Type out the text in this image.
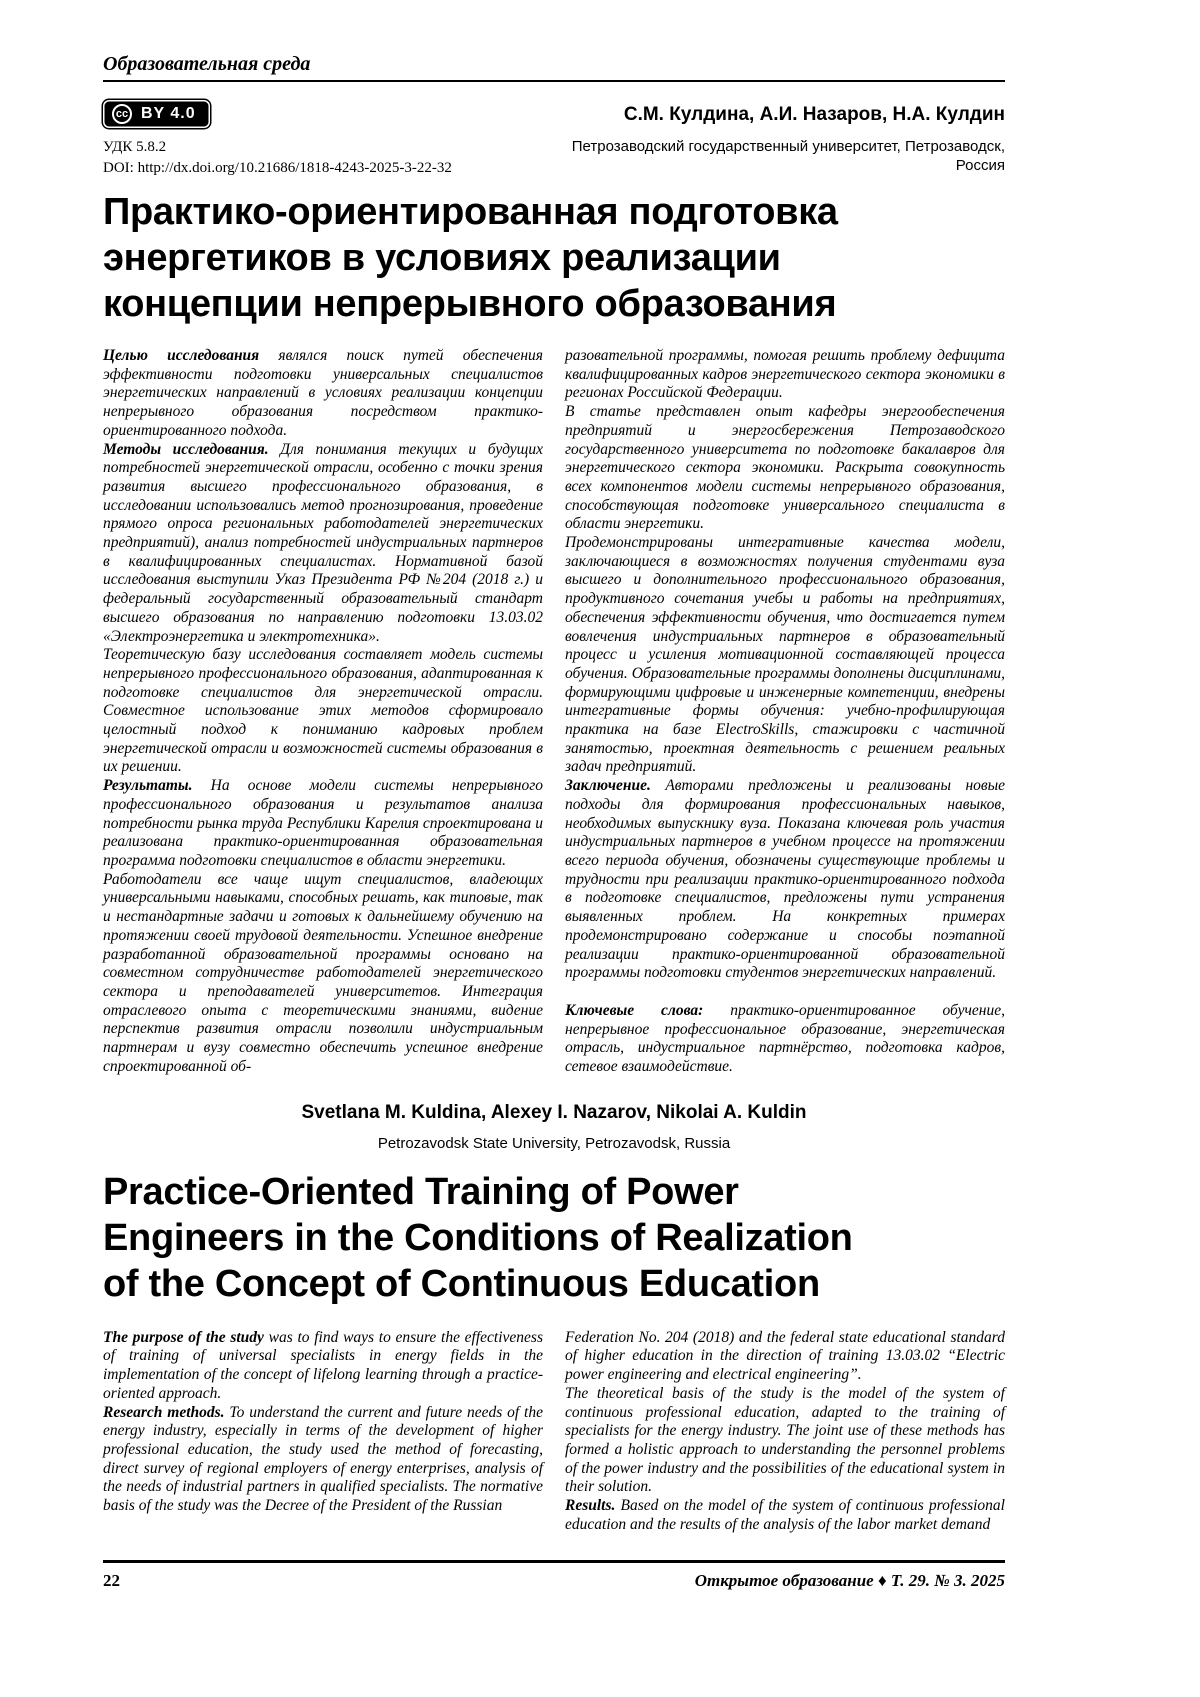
Образовательная среда
cc BY 4.0
УДК 5.8.2
DOI: http://dx.doi.org/10.21686/1818-4243-2025-3-22-32
С.М. Кулдина, А.И. Назаров, Н.А. Кулдин
Петрозаводский государственный университет, Петрозаводск, Россия
Практико-ориентированная подготовка
энергетиков в условиях реализации
концепции непрерывного образования

Целью исследования являлся поиск путей обеспечения эффективности подготовки универсальных специалистов энергетических направлений в условиях реализации концепции непрерывного образования посредством практико-ориентированного подхода.

Методы исследования. Для понимания текущих и будущих потребностей энергетической отрасли, особенно с точки зрения развития высшего профессионального образования, в исследовании использовались метод прогнозирования, проведение прямого опроса региональных работодателей энергетических предприятий), анализ потребностей индустриальных партнеров в квалифицированных специалистах. Нормативной базой исследования выступили Указ Президента РФ №204 (2018 г.) и федеральный государственный образовательный стандарт высшего образования по направлению подготовки 13.03.02 «Электроэнергетика и электротехника».

Теоретическую базу исследования составляет модель системы непрерывного профессионального образования, адаптированная к подготовке специалистов для энергетической отрасли. Совместное использование этих методов сформировало целостный подход к пониманию кадровых проблем энергетической отрасли и возможностей системы образования в их решении.

Результаты. На основе модели системы непрерывного профессионального образования и результатов анализа потребности рынка труда Республики Карелия спроектирована и реализована практико-ориентированная образовательная программа подготовки специалистов в области энергетики.

Работодатели все чаще ищут специалистов, владеющих универсальными навыками, способных решать, как типовые, так и нестандартные задачи и готовых к дальнейшему обучению на протяжении своей трудовой деятельности. Успешное внедрение разработанной образовательной программы основано на совместном сотрудничестве работодателей энергетического сектора и преподавателей университетов. Интеграция отраслевого опыта с теоретическими знаниями, видение перспектив развития отрасли позволили индустриальным партнерам и вузу совместно обеспечить успешное внедрение спроектированной об-

разовательной программы, помогая решить проблему дефицита квалифицированных кадров энергетического сектора экономики в регионах Российской Федерации.

В статье представлен опыт кафедры энергообеспечения предприятий и энергосбережения Петрозаводского государственного университета по подготовке бакалавров для энергетического сектора экономики. Раскрыта совокупность всех компонентов модели системы непрерывного образования, способствующая подготовке универсального специалиста в области энергетики.

Продемонстрированы интегративные качества модели, заключающиеся в возможностях получения студентами вуза высшего и дополнительного профессионального образования, продуктивного сочетания учебы и работы на предприятиях, обеспечения эффективности обучения, что достигается путем вовлечения индустриальных партнеров в образовательный процесс и усиления мотивационной составляющей процесса обучения. Образовательные программы дополнены дисциплинами, формирующими цифровые и инженерные компетенции, внедрены интегративные формы обучения: учебно-профилирующая практика на базе ElectroSkills, стажировки с частичной занятостью, проектная деятельность с решением реальных задач предприятий.

Заключение. Авторами предложены и реализованы новые подходы для формирования профессиональных навыков, необходимых выпускнику вуза. Показана ключевая роль участия индустриальных партнеров в учебном процессе на протяжении всего периода обучения, обозначены существующие проблемы и трудности при реализации практико-ориентированного подхода в подготовке специалистов, предложены пути устранения выявленных проблем. На конкретных примерах продемонстрировано содержание и способы поэтапной реализации практико-ориентированной образовательной программы подготовки студентов энергетических направлений.

Ключевые слова: практико-ориентированное обучение, непрерывное профессиональное образование, энергетическая отрасль, индустриальное партнёрство, подготовка кадров, сетевое взаимодействие.

Svetlana M. Kuldina, Alexey I. Nazarov, Nikolai A. Kuldin
Petrozavodsk State University, Petrozavodsk, Russia
Practice-Oriented Training of Power
Engineers in the Conditions of Realization
of the Concept of Continuous Education

The purpose of the study was to find ways to ensure the effectiveness of training of universal specialists in energy fields in the implementation of the concept of lifelong learning through a practice-oriented approach.

Research methods. To understand the current and future needs of the energy industry, especially in terms of the development of higher professional education, the study used the method of forecasting, direct survey of regional employers of energy enterprises, analysis of the needs of industrial partners in qualified specialists. The normative basis of the study was the Decree of the President of the Russian

Federation No. 204 (2018) and the federal state educational standard of higher education in the direction of training 13.03.02 “Electric power engineering and electrical engineering”.

The theoretical basis of the study is the model of the system of continuous professional education, adapted to the training of specialists for the energy industry. The joint use of these methods has formed a holistic approach to understanding the personnel problems of the power industry and the possibilities of the educational system in their solution.

Results. Based on the model of the system of continuous professional education and the results of the analysis of the labor market demand

22	Открытое образование ♦ Т. 29. № 3. 2025
